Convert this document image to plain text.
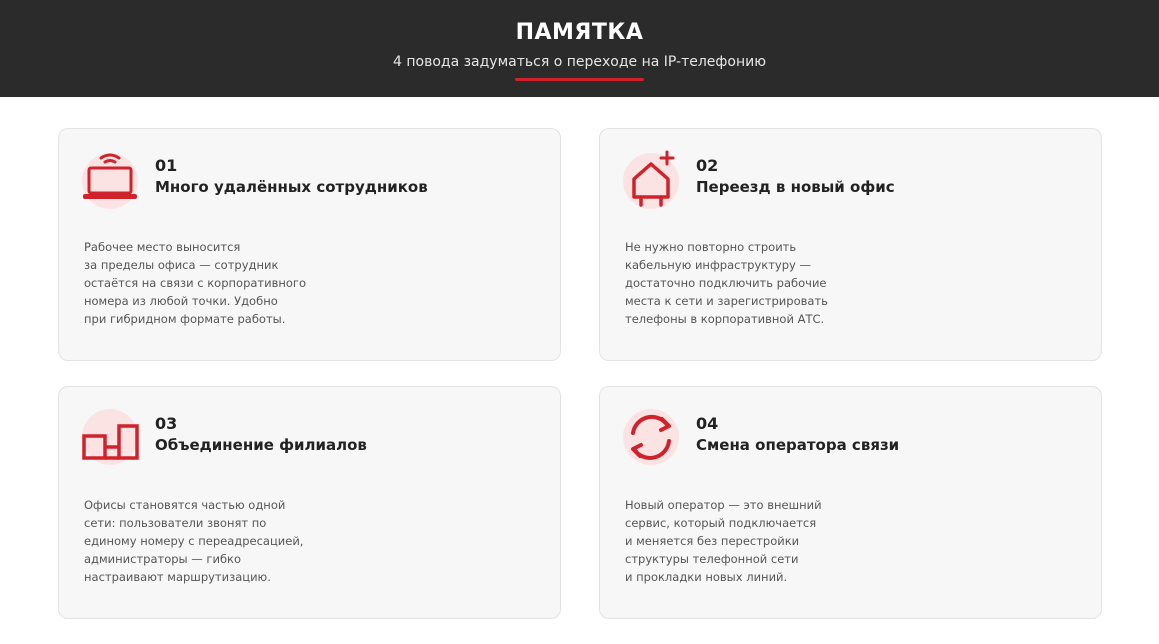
ПАМЯТКА
4 повода задуматься о переходе на IP-телефонию
01
Много удалённых сотрудников
Рабочее место выносится
за пределы офиса — сотрудник
остаётся на связи с корпоративного
номера из любой точки. Удобно
при гибридном формате работы.
02
Переезд в новый офис
Не нужно повторно строить
кабельную инфраструктуру —
достаточно подключить рабочие
места к сети и зарегистрировать
телефоны в корпоративной АТС.
03
Объединение филиалов
Офисы становятся частью одной
сети: пользователи звонят по
единому номеру с переадресацией,
администраторы — гибко
настраивают маршрутизацию.
04
Смена оператора связи
Новый оператор — это внешний
сервис, который подключается
и меняется без перестройки
структуры телефонной сети
и прокладки новых линий.
